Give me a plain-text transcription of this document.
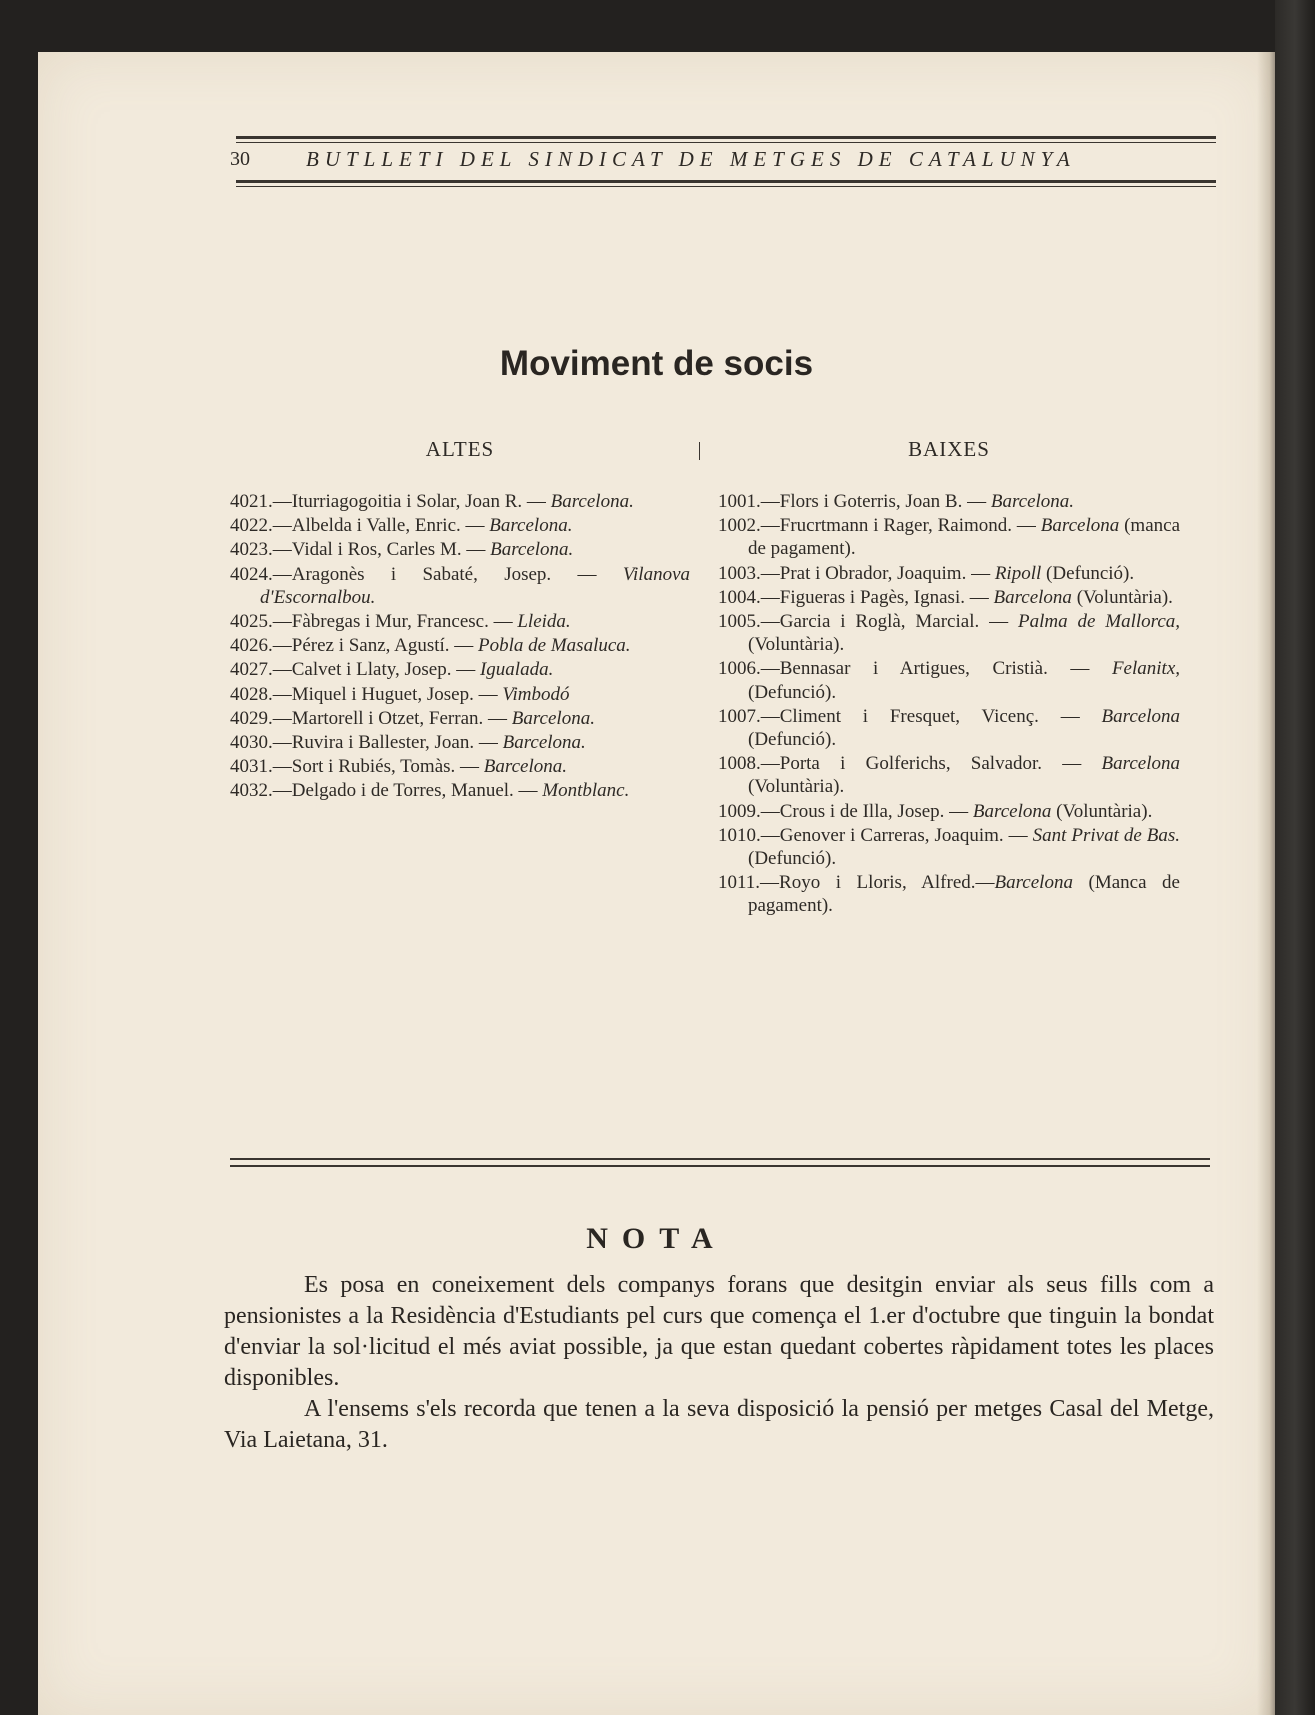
30	BUTLLETI DEL SINDICAT DE METGES DE CATALUNYA
Moviment de socis
ALTES

4021.—Iturriagogoitia i Solar, Joan R. — Barcelona.

4022.—Albelda i Valle, Enric. — Barcelona.

4023.—Vidal i Ros, Carles M. — Barcelona.

4024.—Aragonès i Sabaté, Josep. — Vilanova d'Escornalbou.

4025.—Fàbregas i Mur, Francesc. — Lleida.

4026.—Pérez i Sanz, Agustí. — Pobla de Masaluca.

4027.—Calvet i Llaty, Josep. — Igualada.

4028.—Miquel i Huguet, Josep. — Vimbodó

4029.—Martorell i Otzet, Ferran. — Barcelona.

4030.—Ruvira i Ballester, Joan. — Barcelona.

4031.—Sort i Rubiés, Tomàs. — Barcelona.

4032.—Delgado i de Torres, Manuel. — Montblanc.

BAIXES

1001.—Flors i Goterris, Joan B. — Barcelona.

1002.—Frucrtmann i Rager, Raimond. — Barcelona (manca de pagament).

1003.—Prat i Obrador, Joaquim. — Ripoll (Defunció).

1004.—Figueras i Pagès, Ignasi. — Barcelona (Voluntària).

1005.—Garcia i Roglà, Marcial. — Palma de Mallorca, (Voluntària).

1006.—Bennasar i Artigues, Cristià. — Felanitx, (Defunció).

1007.—Climent i Fresquet, Vicenç. — Barcelona (Defunció).

1008.—Porta i Golferichs, Salvador. — Barcelona (Voluntària).

1009.—Crous i de Illa, Josep. — Barcelona (Voluntària).

1010.—Genover i Carreras, Joaquim. — Sant Privat de Bas. (Defunció).

1011.—Royo i Lloris, Alfred.—Barcelona (Manca de pagament).

NOTA

Es posa en coneixement dels companys forans que desitgin enviar als seus fills com a pensionistes a la Residència d'Estudiants pel curs que comença el 1.er d'octubre que tinguin la bondat d'enviar la sol·licitud el més aviat possible, ja que estan quedant cobertes ràpidament totes les places disponibles.

A l'ensems s'els recorda que tenen a la seva disposició la pensió per metges Casal del Metge, Via Laietana, 31.
